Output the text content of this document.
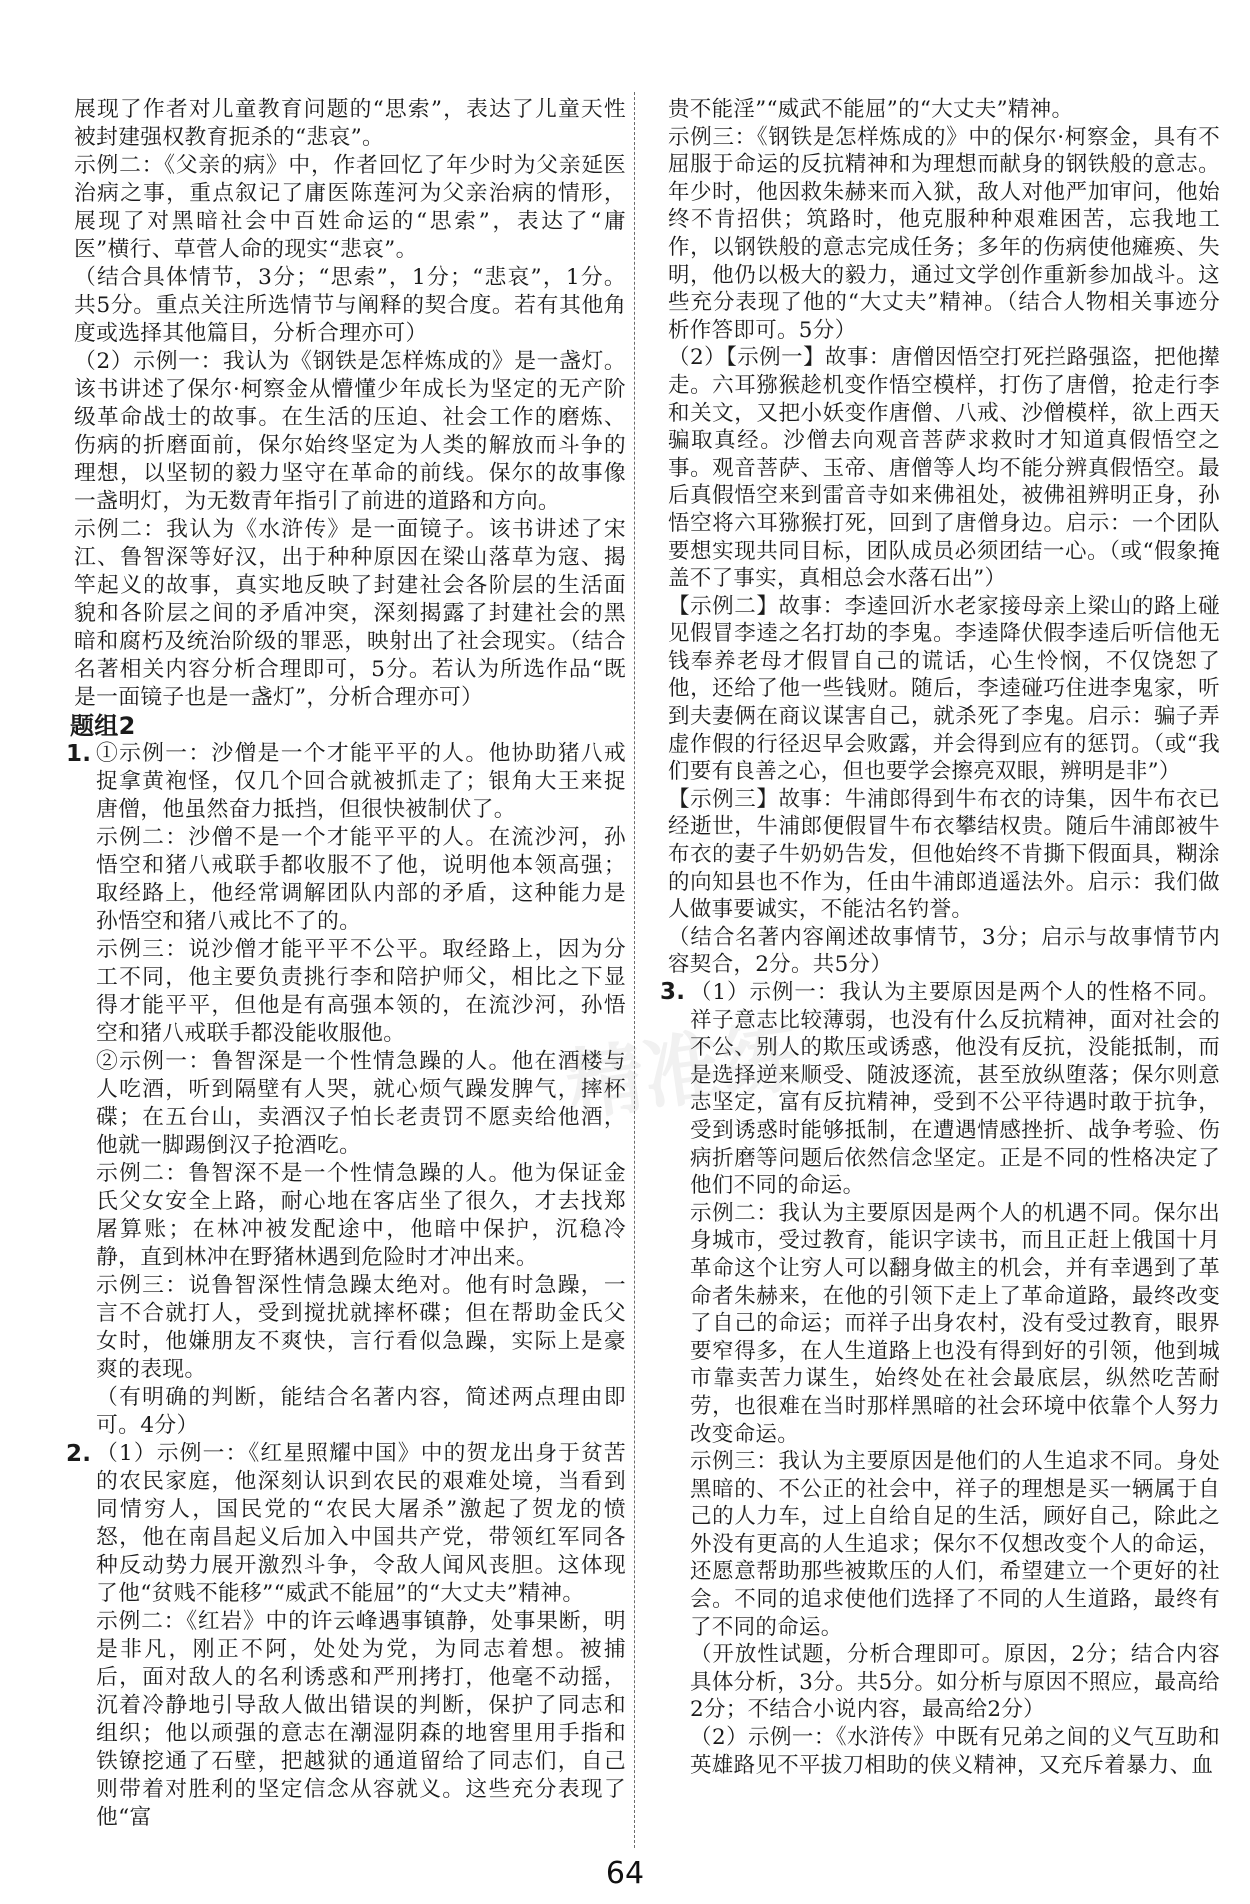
展现了作者对儿童教育问题的“思索”，表达了儿童天性被封建强权教育扼杀的“悲哀”。

示例二：《父亲的病》中，作者回忆了年少时为父亲延医治病之事，重点叙记了庸医陈莲河为父亲治病的情形，展现了对黑暗社会中百姓命运的“思索”，表达了“庸医”横行、草菅人命的现实“悲哀”。

（结合具体情节，3分；“思索”，1分；“悲哀”，1分。共5分。重点关注所选情节与阐释的契合度。若有其他角度或选择其他篇目，分析合理亦可）

（2）示例一：我认为《钢铁是怎样炼成的》是一盏灯。该书讲述了保尔·柯察金从懵懂少年成长为坚定的无产阶级革命战士的故事。在生活的压迫、社会工作的磨炼、伤病的折磨面前，保尔始终坚定为人类的解放而斗争的理想，以坚韧的毅力坚守在革命的前线。保尔的故事像一盏明灯，为无数青年指引了前进的道路和方向。

示例二：我认为《水浒传》是一面镜子。该书讲述了宋江、鲁智深等好汉，出于种种原因在梁山落草为寇、揭竿起义的故事，真实地反映了封建社会各阶层的生活面貌和各阶层之间的矛盾冲突，深刻揭露了封建社会的黑暗和腐朽及统治阶级的罪恶，映射出了社会现实。（结合名著相关内容分析合理即可，5分。若认为所选作品“既是一面镜子也是一盏灯”，分析合理亦可）

题组2

1. ①示例一：沙僧是一个才能平平的人。他协助猪八戒捉拿黄袍怪，仅几个回合就被抓走了；银角大王来捉唐僧，他虽然奋力抵挡，但很快被制伏了。

示例二：沙僧不是一个才能平平的人。在流沙河，孙悟空和猪八戒联手都收服不了他，说明他本领高强；取经路上，他经常调解团队内部的矛盾，这种能力是孙悟空和猪八戒比不了的。

示例三：说沙僧才能平平不公平。取经路上，因为分工不同，他主要负责挑行李和陪护师父，相比之下显得才能平平，但他是有高强本领的，在流沙河，孙悟空和猪八戒联手都没能收服他。

②示例一：鲁智深是一个性情急躁的人。他在酒楼与人吃酒，听到隔壁有人哭，就心烦气躁发脾气，摔杯碟；在五台山，卖酒汉子怕长老责罚不愿卖给他酒，他就一脚踢倒汉子抢酒吃。

示例二：鲁智深不是一个性情急躁的人。他为保证金氏父女安全上路，耐心地在客店坐了很久，才去找郑屠算账；在林冲被发配途中，他暗中保护，沉稳冷静，直到林冲在野猪林遇到危险时才冲出来。

示例三：说鲁智深性情急躁太绝对。他有时急躁，一言不合就打人，受到搅扰就摔杯碟；但在帮助金氏父女时，他嫌朋友不爽快，言行看似急躁，实际上是豪爽的表现。

（有明确的判断，能结合名著内容，简述两点理由即可。4分）

2. （1）示例一：《红星照耀中国》中的贺龙出身于贫苦的农民家庭，他深刻认识到农民的艰难处境，当看到同情穷人，国民党的“农民大屠杀”激起了贺龙的愤怒，他在南昌起义后加入中国共产党，带领红军同各种反动势力展开激烈斗争，令敌人闻风丧胆。这体现了他“贫贱不能移”“威武不能屈”的“大丈夫”精神。

示例二：《红岩》中的许云峰遇事镇静，处事果断，明是非凡，刚正不阿，处处为党，为同志着想。被捕后，面对敌人的名利诱惑和严刑拷打，他毫不动摇，沉着冷静地引导敌人做出错误的判断，保护了同志和组织；他以顽强的意志在潮湿阴森的地窖里用手指和铁镣挖通了石壁，把越狱的通道留给了同志们，自己则带着对胜利的坚定信念从容就义。这些充分表现了他“富

贵不能淫”“威武不能屈”的“大丈夫”精神。

示例三：《钢铁是怎样炼成的》中的保尔·柯察金，具有不屈服于命运的反抗精神和为理想而献身的钢铁般的意志。年少时，他因救朱赫来而入狱，敌人对他严加审问，他始终不肯招供；筑路时，他克服种种艰难困苦，忘我地工作，以钢铁般的意志完成任务；多年的伤病使他瘫痪、失明，他仍以极大的毅力，通过文学创作重新参加战斗。这些充分表现了他的“大丈夫”精神。（结合人物相关事迹分析作答即可。5分）

（2）【示例一】故事：唐僧因悟空打死拦路强盗，把他撵走。六耳猕猴趁机变作悟空模样，打伤了唐僧，抢走行李和关文，又把小妖变作唐僧、八戒、沙僧模样，欲上西天骗取真经。沙僧去向观音菩萨求救时才知道真假悟空之事。观音菩萨、玉帝、唐僧等人均不能分辨真假悟空。最后真假悟空来到雷音寺如来佛祖处，被佛祖辨明正身，孙悟空将六耳猕猴打死，回到了唐僧身边。启示：一个团队要想实现共同目标，团队成员必须团结一心。（或“假象掩盖不了事实，真相总会水落石出”）

【示例二】故事：李逵回沂水老家接母亲上梁山的路上碰见假冒李逵之名打劫的李鬼。李逵降伏假李逵后听信他无钱奉养老母才假冒自己的谎话，心生怜悯，不仅饶恕了他，还给了他一些钱财。随后，李逵碰巧住进李鬼家，听到夫妻俩在商议谋害自己，就杀死了李鬼。启示：骗子弄虚作假的行径迟早会败露，并会得到应有的惩罚。（或“我们要有良善之心，但也要学会擦亮双眼，辨明是非”）

【示例三】故事：牛浦郎得到牛布衣的诗集，因牛布衣已经逝世，牛浦郎便假冒牛布衣攀结权贵。随后牛浦郎被牛布衣的妻子牛奶奶告发，但他始终不肯撕下假面具，糊涂的向知县也不作为，任由牛浦郎逍遥法外。启示：我们做人做事要诚实，不能沽名钓誉。

（结合名著内容阐述故事情节，3分；启示与故事情节内容契合，2分。共5分）

3. （1）示例一：我认为主要原因是两个人的性格不同。祥子意志比较薄弱，也没有什么反抗精神，面对社会的不公、别人的欺压或诱惑，他没有反抗，没能抵制，而是选择逆来顺受、随波逐流，甚至放纵堕落；保尔则意志坚定，富有反抗精神，受到不公平待遇时敢于抗争，受到诱惑时能够抵制，在遭遇情感挫折、战争考验、伤病折磨等问题后依然信念坚定。正是不同的性格决定了他们不同的命运。

示例二：我认为主要原因是两个人的机遇不同。保尔出身城市，受过教育，能识字读书，而且正赶上俄国十月革命这个让穷人可以翻身做主的机会，并有幸遇到了革命者朱赫来，在他的引领下走上了革命道路，最终改变了自己的命运；而祥子出身农村，没有受过教育，眼界要窄得多，在人生道路上也没有得到好的引领，他到城市靠卖苦力谋生，始终处在社会最底层，纵然吃苦耐劳，也很难在当时那样黑暗的社会环境中依靠个人努力改变命运。

示例三：我认为主要原因是他们的人生追求不同。身处黑暗的、不公正的社会中，祥子的理想是买一辆属于自己的人力车，过上自给自足的生活，顾好自己，除此之外没有更高的人生追求；保尔不仅想改变个人的命运，还愿意帮助那些被欺压的人们，希望建立一个更好的社会。不同的追求使他们选择了不同的人生道路，最终有了不同的命运。

（开放性试题，分析合理即可。原因，2分；结合内容具体分析，3分。共5分。如分析与原因不照应，最高给2分；不结合小说内容，最高给2分）

（2）示例一：《水浒传》中既有兄弟之间的义气互助和英雄路见不平拔刀相助的侠义精神，又充斥着暴力、血

精准练
64
